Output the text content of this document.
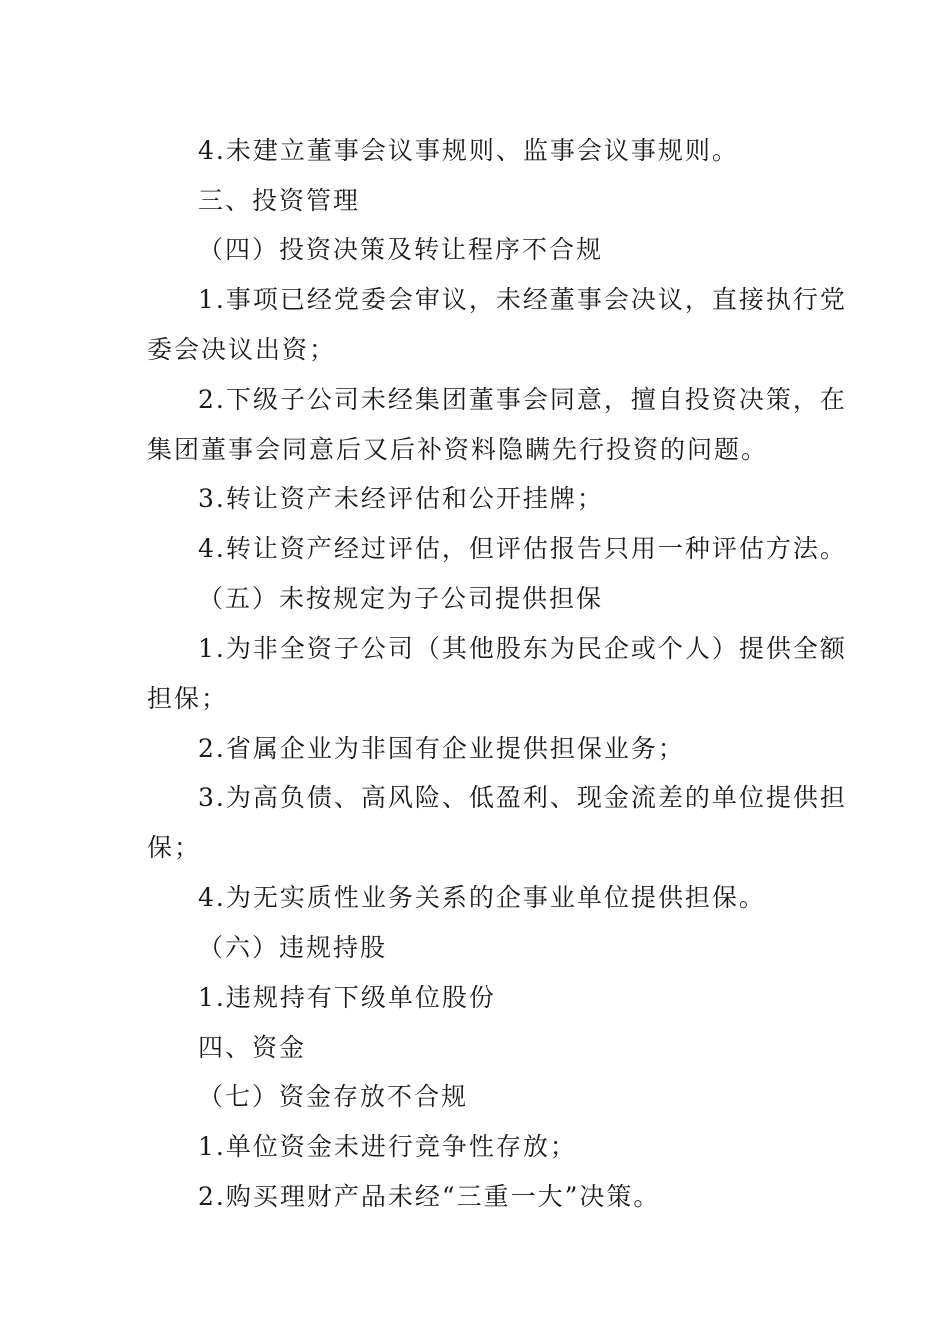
4.未建立董事会议事规则、监事会议事规则。
三、投资管理
（四）投资决策及转让程序不合规
1.事项已经党委会审议，未经董事会决议，直接执行党
委会决议出资；
2.下级子公司未经集团董事会同意，擅自投资决策，在
集团董事会同意后又后补资料隐瞒先行投资的问题。
3.转让资产未经评估和公开挂牌；
4.转让资产经过评估，但评估报告只用一种评估方法。
（五）未按规定为子公司提供担保
1.为非全资子公司（其他股东为民企或个人）提供全额
担保；
2.省属企业为非国有企业提供担保业务；
3.为高负债、高风险、低盈利、现金流差的单位提供担
保；
4.为无实质性业务关系的企事业单位提供担保。
（六）违规持股
1.违规持有下级单位股份
四、资金
（七）资金存放不合规
1.单位资金未进行竞争性存放；
2.购买理财产品未经“三重一大”决策。
